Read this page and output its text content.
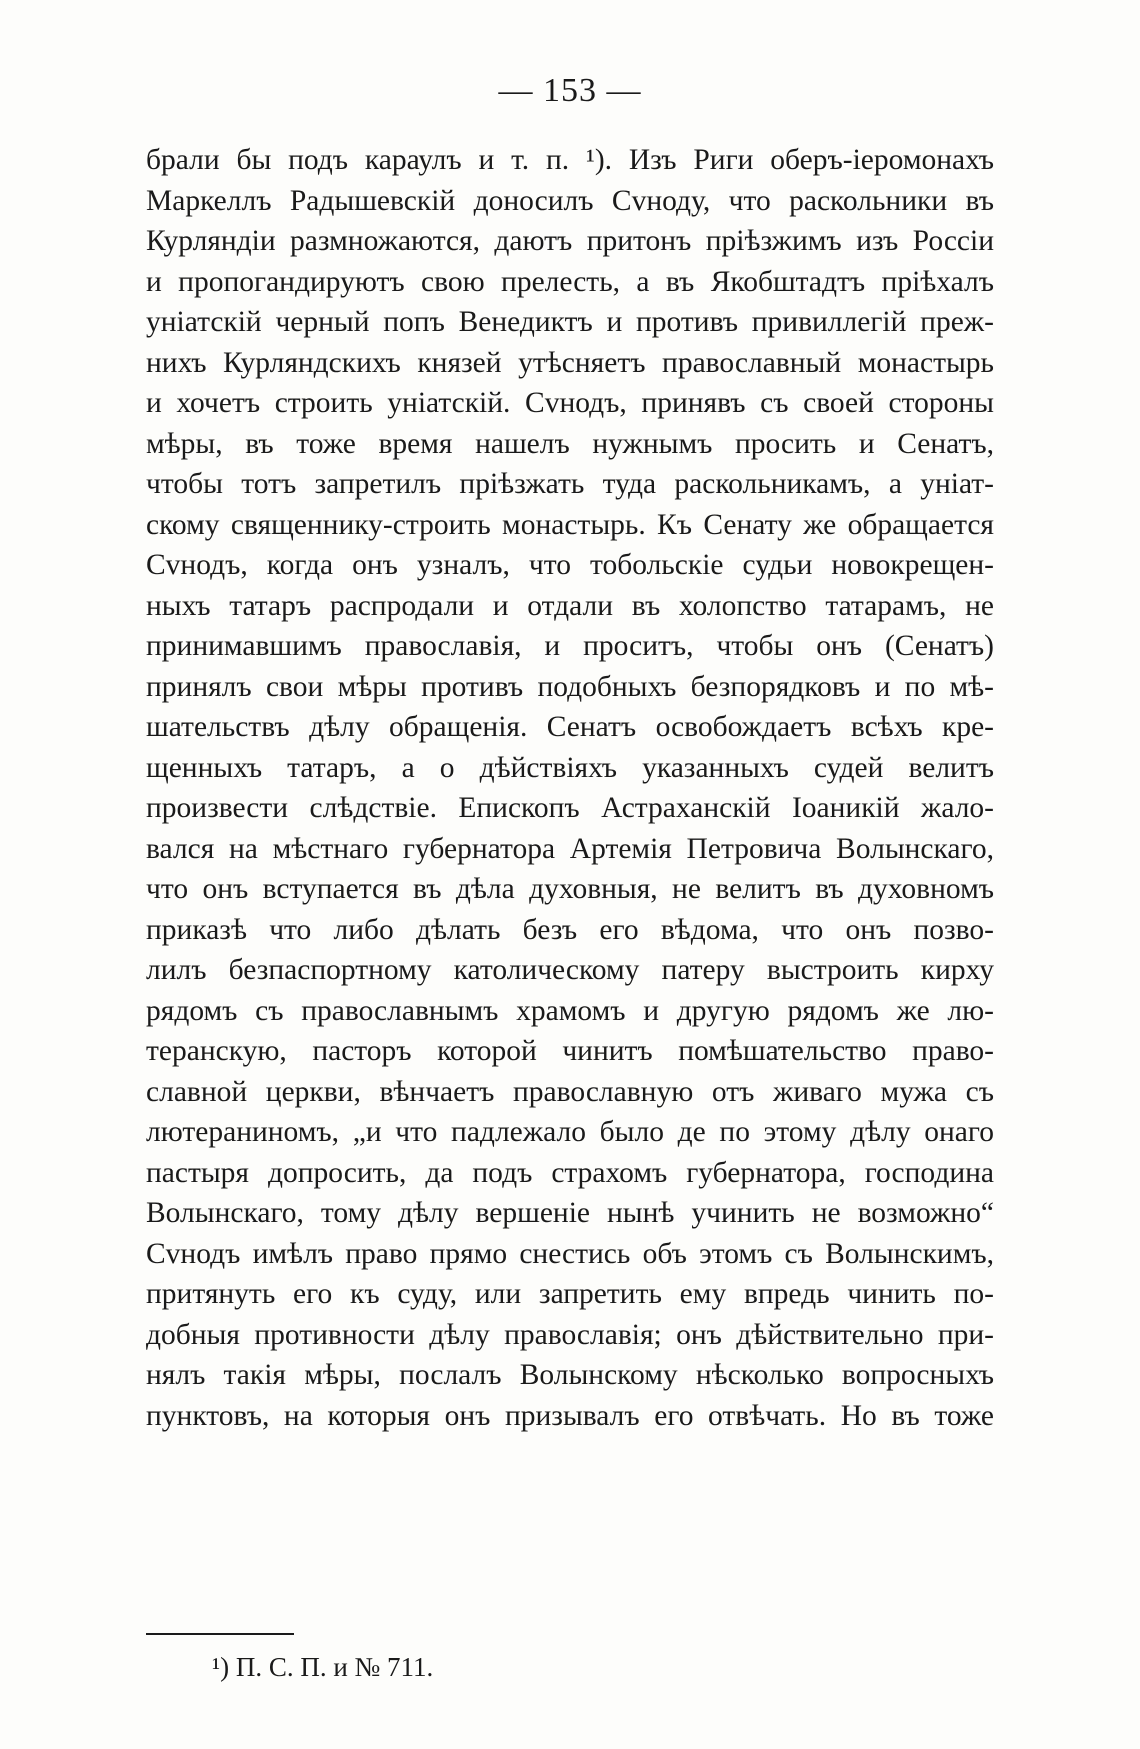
— 153 —
брали бы подъ караулъ и т. п. ¹). Изъ Риги оберъ-іеромонахъ
Маркеллъ Радышевскій доносилъ Сvноду, что раскольники въ
Курляндіи размножаются, даютъ притонъ пріѣзжимъ изъ Россіи
и пропогандируютъ свою прелесть, а въ Якобштадтъ пріѣхалъ
уніатскій черный попъ Венедиктъ и противъ привиллегій преж-
нихъ Курляндскихъ князей утѣсняетъ православный монастырь
и хочетъ строить уніатскій. Сvнодъ, принявъ съ своей стороны
мѣры, въ тоже время нашелъ нужнымъ просить и Сенатъ,
чтобы тотъ запретилъ пріѣзжать туда раскольникамъ, а уніат-
скому священнику-строить монастырь. Къ Сенату же обращается
Сvнодъ, когда онъ узналъ, что тобольскіе судьи новокрещен-
ныхъ татаръ распродали и отдали въ холопство татарамъ, не
принимавшимъ православія, и проситъ, чтобы онъ (Сенатъ)
принялъ свои мѣры противъ подобныхъ безпорядковъ и по мѣ-
шательствъ дѣлу обращенія. Сенатъ освобождаетъ всѣхъ кре-
щенныхъ татаръ, а о дѣйствіяхъ указанныхъ судей велитъ
произвести слѣдствіе. Епископъ Астраханскій Іоаникій жало-
вался на мѣстнаго губернатора Артемія Петровича Волынскаго,
что онъ вступается въ дѣла духовныя, не велитъ въ духовномъ
приказѣ что либо дѣлать безъ его вѣдома, что онъ позво-
лилъ безпаспортному католическому патеру выстроить кирху
рядомъ съ православнымъ храмомъ и другую рядомъ же лю-
теранскую, пасторъ которой чинитъ помѣшательство право-
славной церкви, вѣнчаетъ православную отъ живаго мужа съ
лютераниномъ, „и что падлежало было де по этому дѣлу онаго
пастыря допросить, да подъ страхомъ губернатора, господина
Волынскаго, тому дѣлу вершеніе нынѣ учинить не возможно“
Сvнодъ имѣлъ право прямо снестись объ этомъ съ Волынскимъ,
притянуть его къ суду, или запретить ему впредь чинить по-
добныя противности дѣлу православія; онъ дѣйствительно при-
нялъ такія мѣры, послалъ Волынскому нѣсколько вопросныхъ
пунктовъ, на которыя онъ призывалъ его отвѣчать. Но въ тоже
¹) П. С. П. и № 711.
